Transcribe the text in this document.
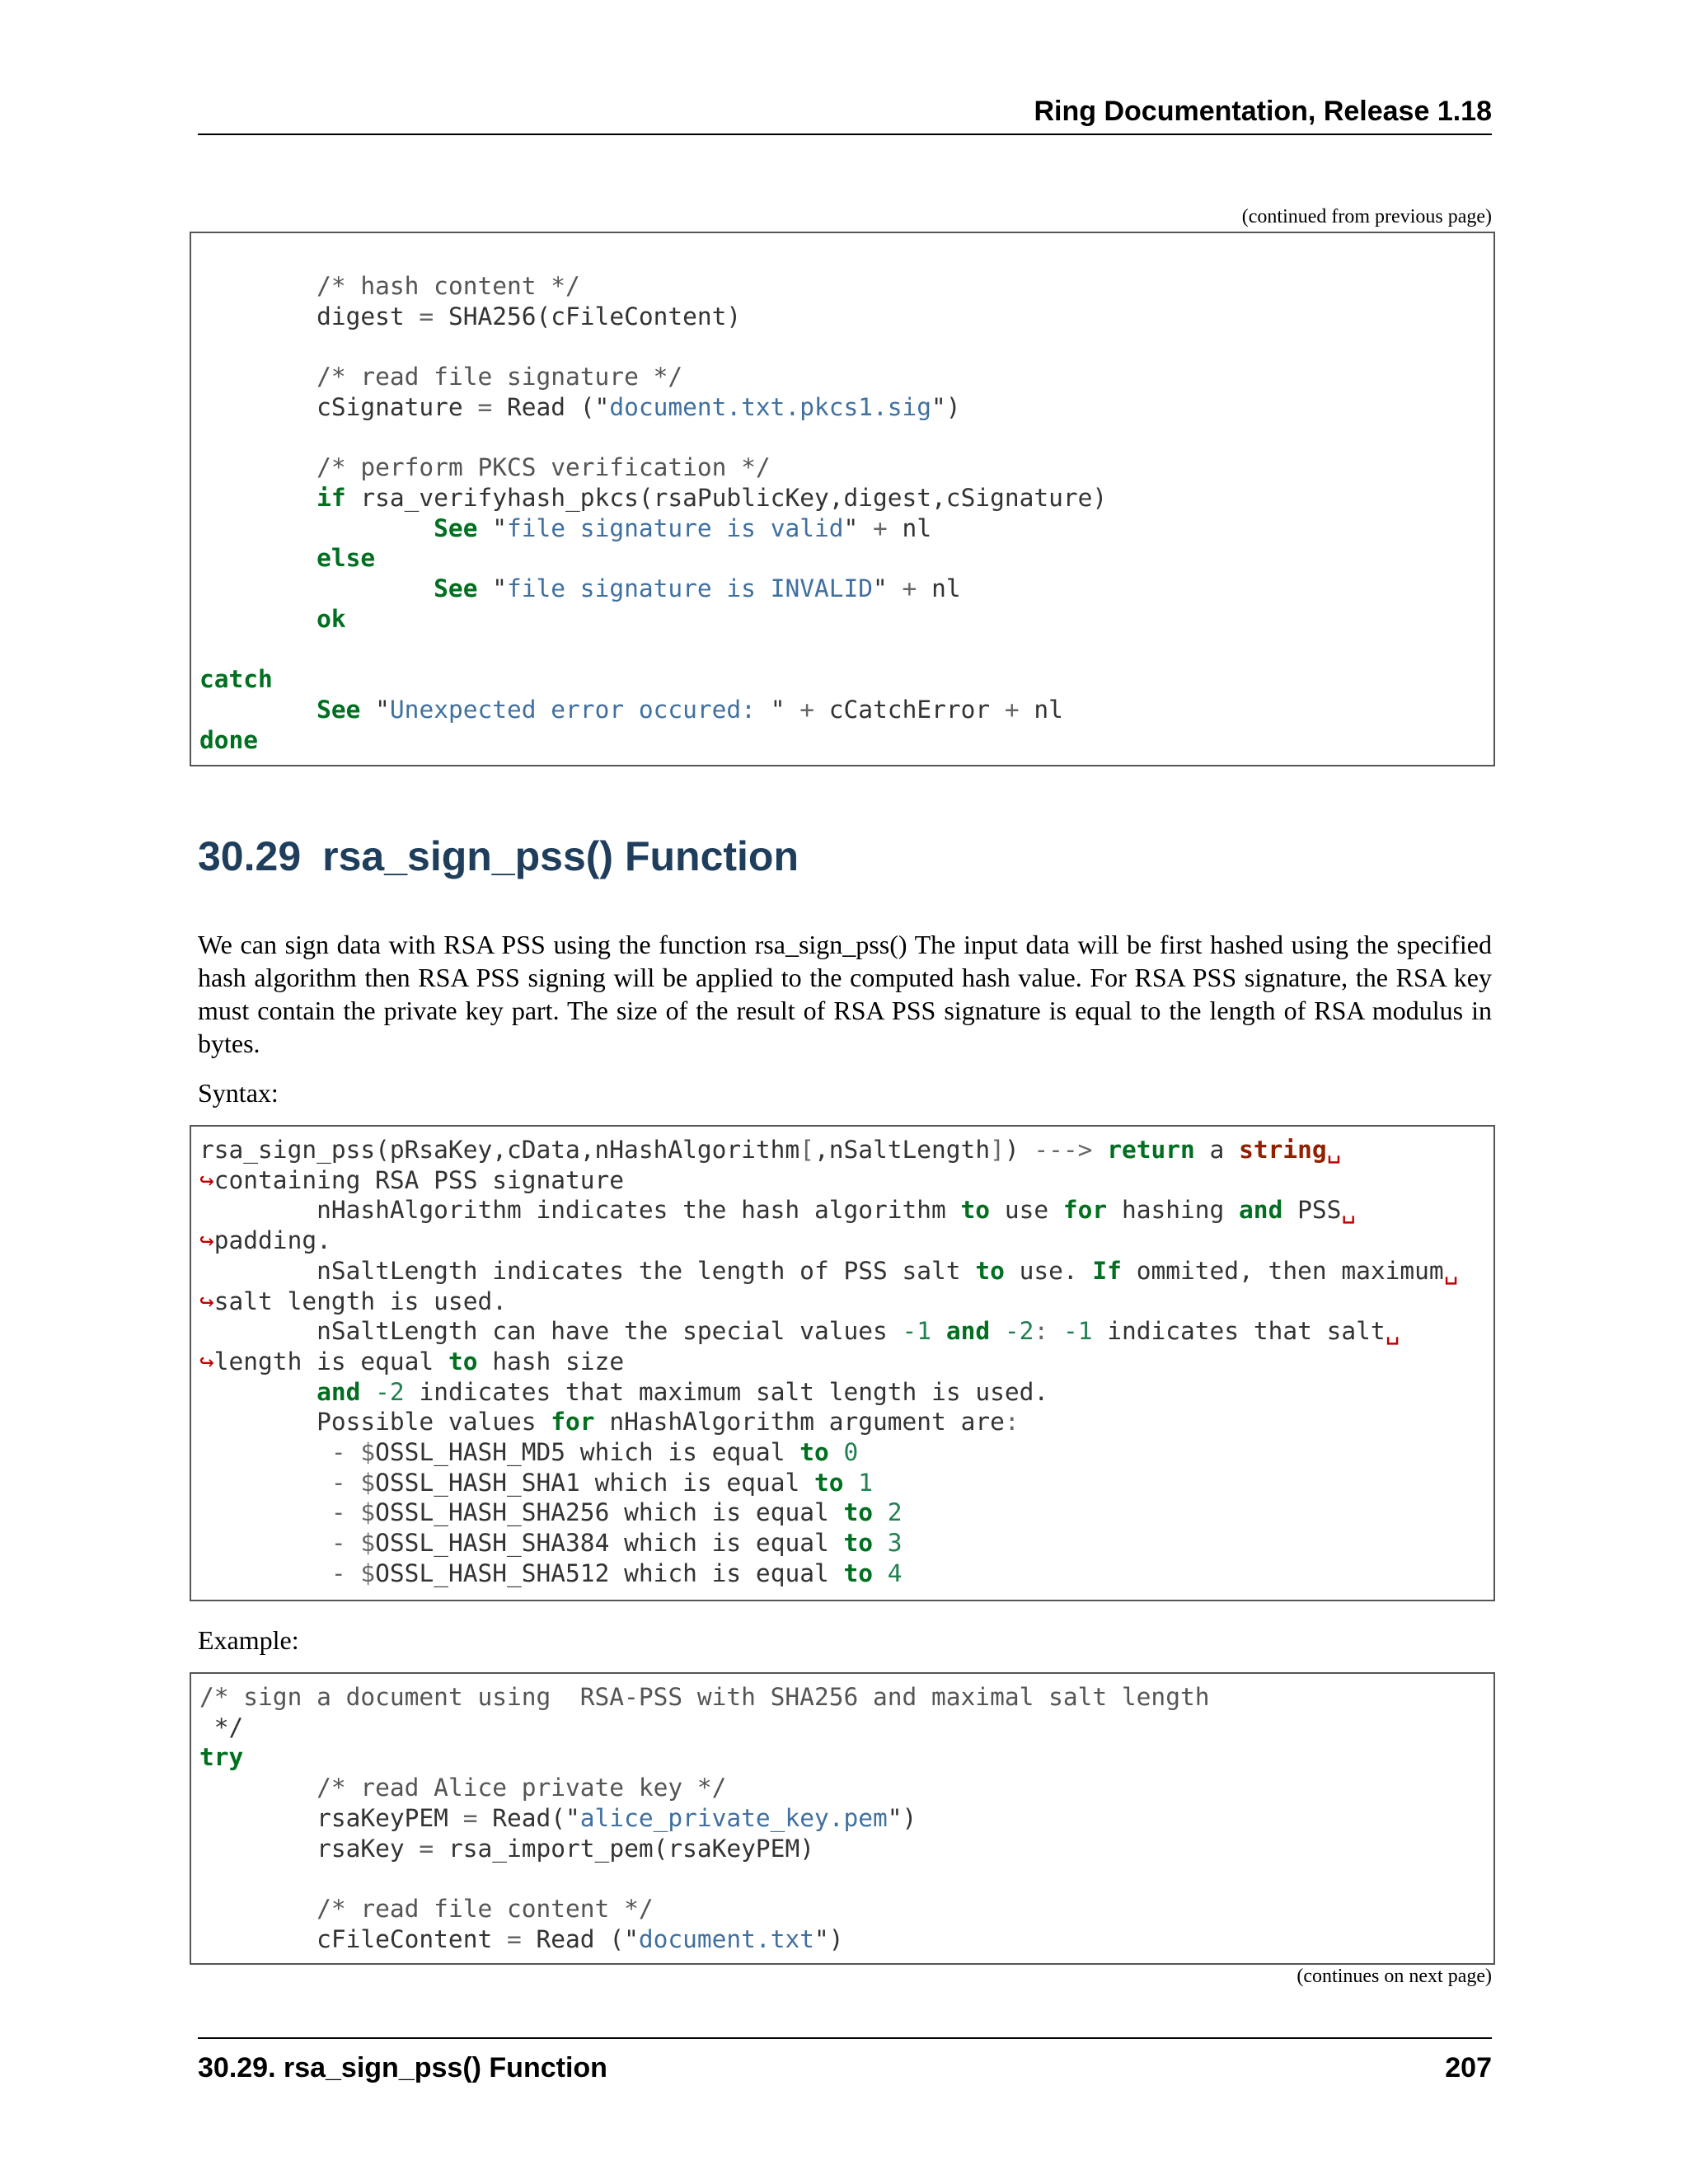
Ring Documentation, Release 1.18
(continued from previous page)
/* hash content */
digest = SHA256(cFileContent)

/* read file signature */
cSignature = Read ("document.txt.pkcs1.sig")

/* perform PKCS verification */
if rsa_verifyhash_pkcs(rsaPublicKey,digest,cSignature)
See "file signature is valid" + nl
else
See "file signature is INVALID" + nl
ok

catch
See "Unexpected error occured: " + cCatchError + nl
done
30.29 rsa_sign_pss() Function

We can sign data with RSA PSS using the function rsa_sign_pss() The input data will be first hashed using the specified hash algorithm then RSA PSS signing will be applied to the computed hash value. For RSA PSS signature, the RSA key must contain the private key part. The size of the result of RSA PSS signature is equal to the length of RSA modulus in bytes.

Syntax:

rsa_sign_pss(pRsaKey,cData,nHashAlgorithm[,nSaltLength]) ---> return a string␣
↪containing RSA PSS signature
nHashAlgorithm indicates the hash algorithm to use for hashing and PSS␣
↪padding.
nSaltLength indicates the length of PSS salt to use. If ommited, then maximum␣
↪salt length is used.
nSaltLength can have the special values -1 and -2: -1 indicates that salt␣
↪length is equal to hash size
and -2 indicates that maximum salt length is used.
Possible values for nHashAlgorithm argument are:
- $OSSL_HASH_MD5 which is equal to 0
- $OSSL_HASH_SHA1 which is equal to 1
- $OSSL_HASH_SHA256 which is equal to 2
- $OSSL_HASH_SHA384 which is equal to 3
- $OSSL_HASH_SHA512 which is equal to 4

Example:

/* sign a document using  RSA-PSS with SHA256 and maximal salt length
*/
try
/* read Alice private key */
rsaKeyPEM = Read("alice_private_key.pem")
rsaKey = rsa_import_pem(rsaKeyPEM)

/* read file content */
cFileContent = Read ("document.txt")
(continues on next page)
30.29. rsa_sign_pss() Function	207
